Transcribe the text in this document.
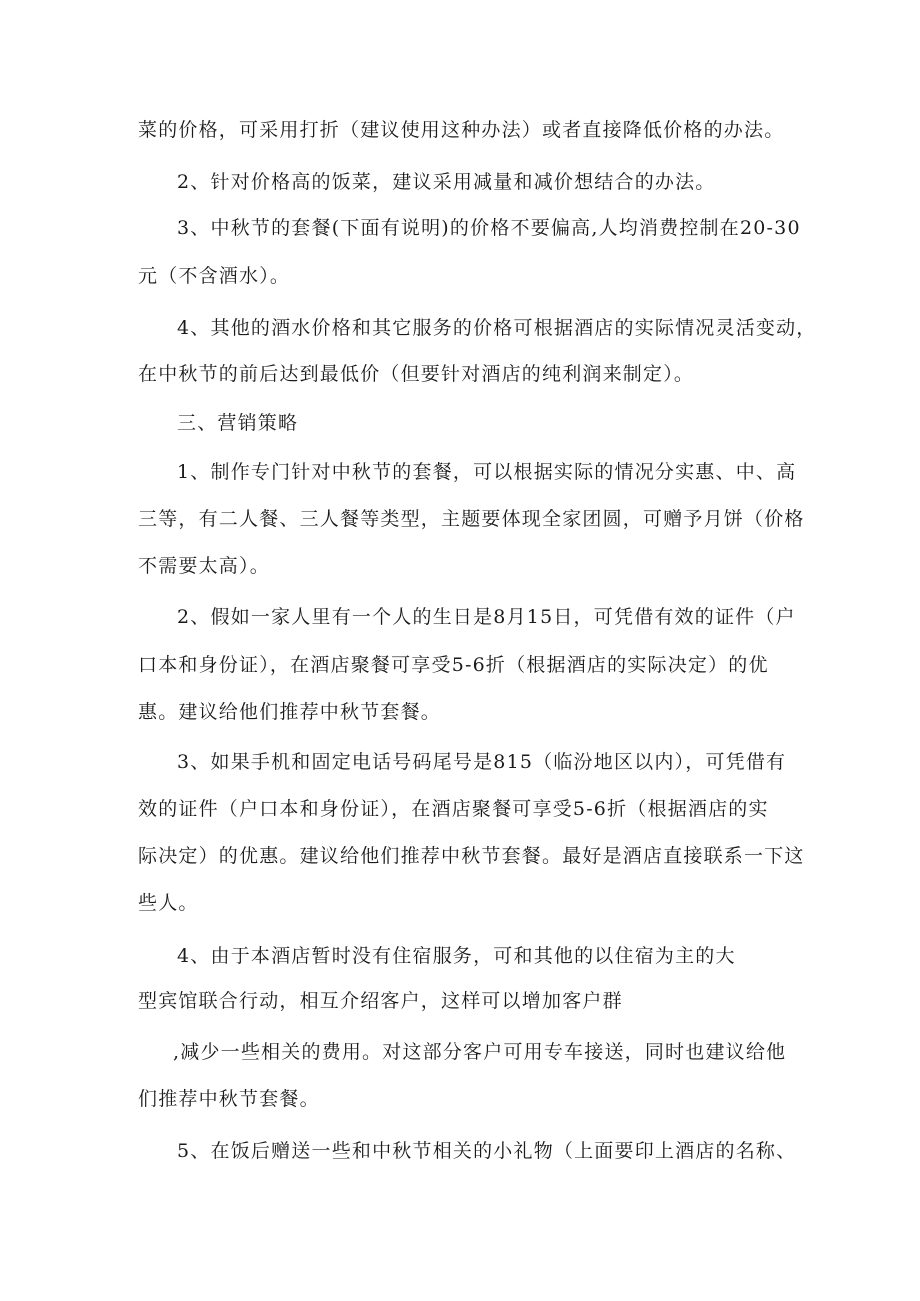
菜的价格，可采用打折（建议使用这种办法）或者直接降低价格的办法。
2、针对价格高的饭菜，建议采用减量和减价想结合的办法。
3、中秋节的套餐(下面有说明)的价格不要偏高,人均消费控制在20-30
元（不含酒水）。
4、其他的酒水价格和其它服务的价格可根据酒店的实际情况灵活变动，
在中秋节的前后达到最低价（但要针对酒店的纯利润来制定）。
三、营销策略
1、制作专门针对中秋节的套餐，可以根据实际的情况分实惠、中、高
三等，有二人餐、三人餐等类型，主题要体现全家团圆，可赠予月饼（价格
不需要太高）。
2、假如一家人里有一个人的生日是8月15日，可凭借有效的证件（户
口本和身份证），在酒店聚餐可享受5-6折（根据酒店的实际决定）的优
惠。建议给他们推荐中秋节套餐。
3、如果手机和固定电话号码尾号是815（临汾地区以内），可凭借有
效的证件（户口本和身份证），在酒店聚餐可享受5-6折（根据酒店的实
际决定）的优惠。建议给他们推荐中秋节套餐。最好是酒店直接联系一下这
些人。
4、由于本酒店暂时没有住宿服务，可和其他的以住宿为主的大
型宾馆联合行动，相互介绍客户，这样可以增加客户群
,减少一些相关的费用。对这部分客户可用专车接送，同时也建议给他
们推荐中秋节套餐。
5、在饭后赠送一些和中秋节相关的小礼物（上面要印上酒店的名称、
